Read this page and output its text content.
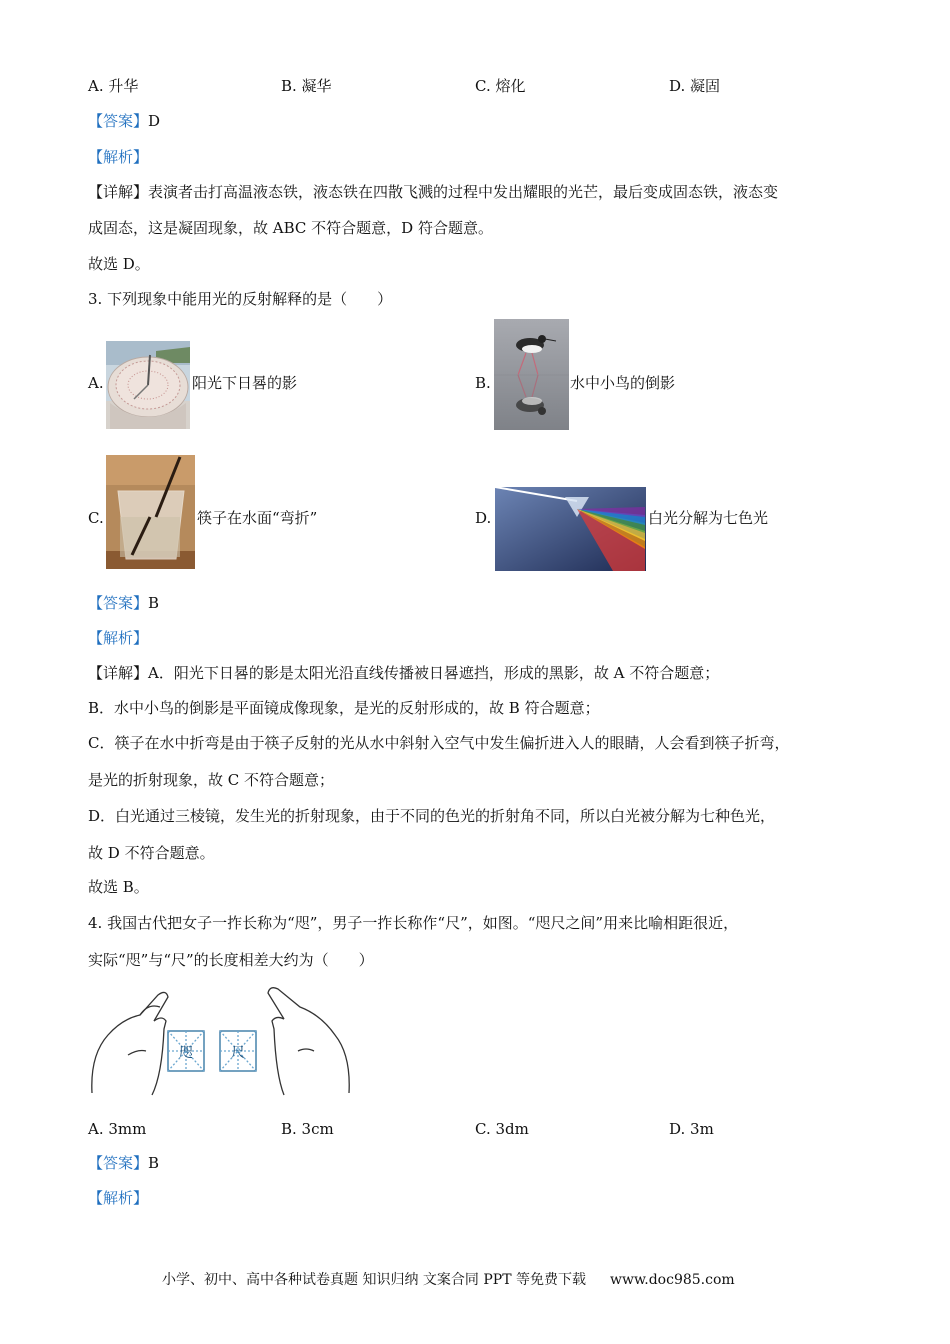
A. 升华	B. 凝华	C. 熔化	D. 凝固
【答案】D
【解析】
【详解】表演者击打高温液态铁，液态铁在四散飞溅的过程中发出耀眼的光芒，最后变成固态铁，液态变
成固态，这是凝固现象，故 ABC 不符合题意，D 符合题意。
故选 D。
3. 下列现象中能用光的反射解释的是（　　）
A.	阳光下日晷的影	B.	水中小鸟的倒影
C.	筷子在水面“弯折”	D.	白光分解为七色光
【答案】B
【解析】
【详解】A．阳光下日晷的影是太阳光沿直线传播被日晷遮挡，形成的黑影，故 A 不符合题意；
B．水中小鸟的倒影是平面镜成像现象，是光的反射形成的，故 B 符合题意；
C．筷子在水中折弯是由于筷子反射的光从水中斜射入空气中发生偏折进入人的眼睛，人会看到筷子折弯，
是光的折射现象，故 C 不符合题意；
D．白光通过三棱镜，发生光的折射现象，由于不同的色光的折射角不同，所以白光被分解为七种色光，
故 D 不符合题意。
故选 B。
4. 我国古代把女子一拃长称为“咫”，男子一拃长称作“尺”，如图。“咫尺之间”用来比喻相距很近，
实际“咫”与“尺”的长度相差大约为（　　）
咫	尺
A. 3mm	B. 3cm	C. 3dm	D. 3m
【答案】B
【解析】
小学、初中、高中各种试卷真题 知识归纳 文案合同 PPT 等免费下载 www.doc985.com
